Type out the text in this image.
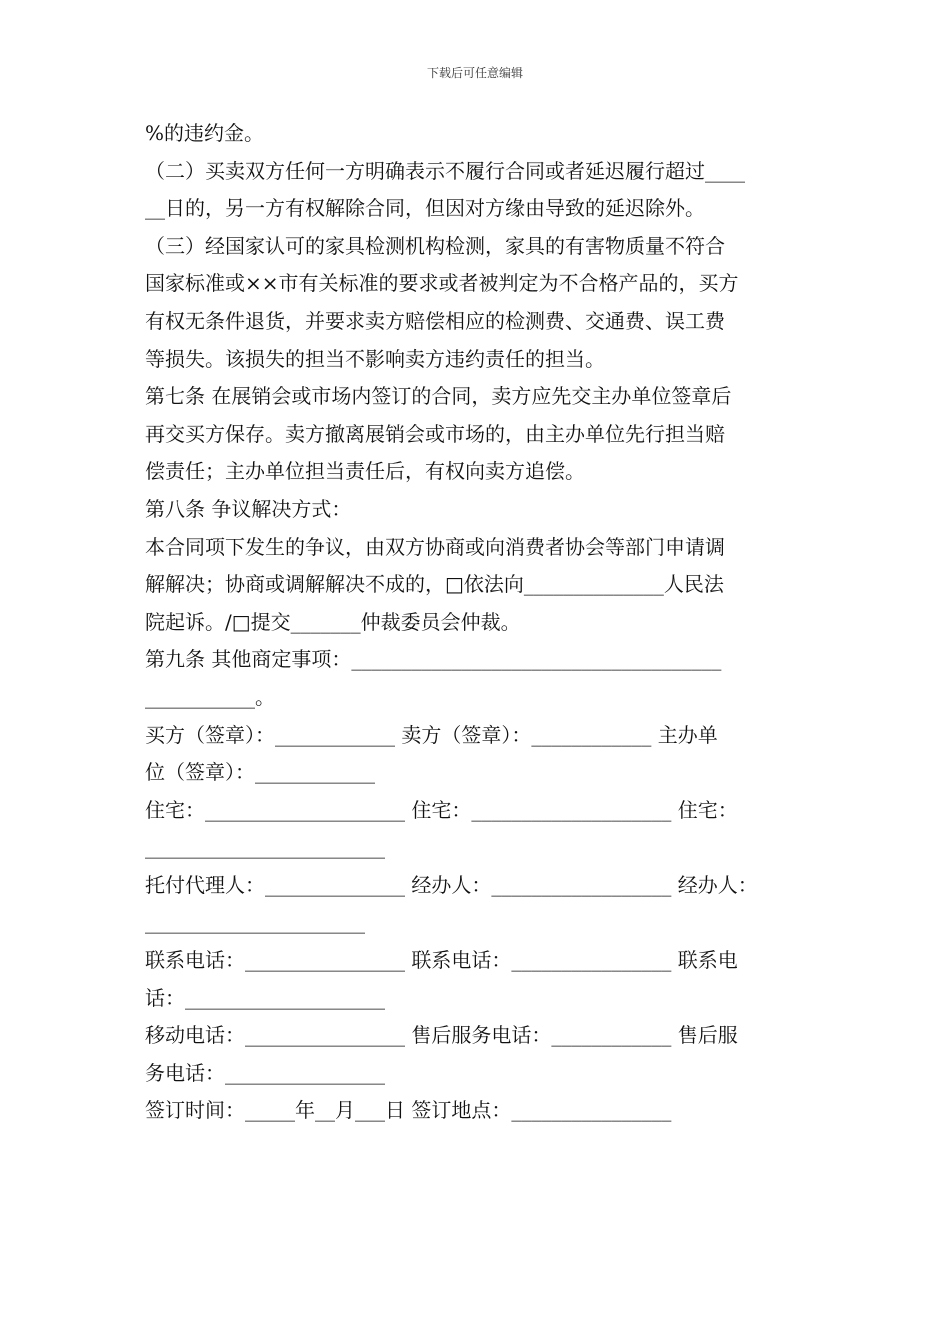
下载后可任意编辑
%的违约金。
（二）买卖双方任何一方明确表示不履行合同或者延迟履行超过____
__日的，另一方有权解除合同，但因对方缘由导致的延迟除外。
（三）经国家认可的家具检测机构检测，家具的有害物质量不符合
国家标准或××市有关标准的要求或者被判定为不合格产品的，买方
有权无条件退货，并要求卖方赔偿相应的检测费、交通费、误工费
等损失。该损失的担当不影响卖方违约责任的担当。
第七条 在展销会或市场内签订的合同，卖方应先交主办单位签章后
再交买方保存。卖方撤离展销会或市场的，由主办单位先行担当赔
偿责任；主办单位担当责任后，有权向卖方追偿。
第八条 争议解决方式：
本合同项下发生的争议，由双方协商或向消费者协会等部门申请调
解解决；协商或调解解决不成的，□依法向______________人民法
院起诉。/□提交_______仲裁委员会仲裁。
第九条 其他商定事项：_____________________________________
___________。
买方（签章）：____________ 卖方（签章）：____________ 主办单
位（签章）：____________
住宅：____________________ 住宅：____________________ 住宅：
________________________
托付代理人：______________ 经办人：__________________ 经办人：
______________________
联系电话：________________ 联系电话：________________ 联系电
话：____________________
移动电话：________________ 售后服务电话：____________ 售后服
务电话：________________
签订时间：_____年__月___日 签订地点：________________
